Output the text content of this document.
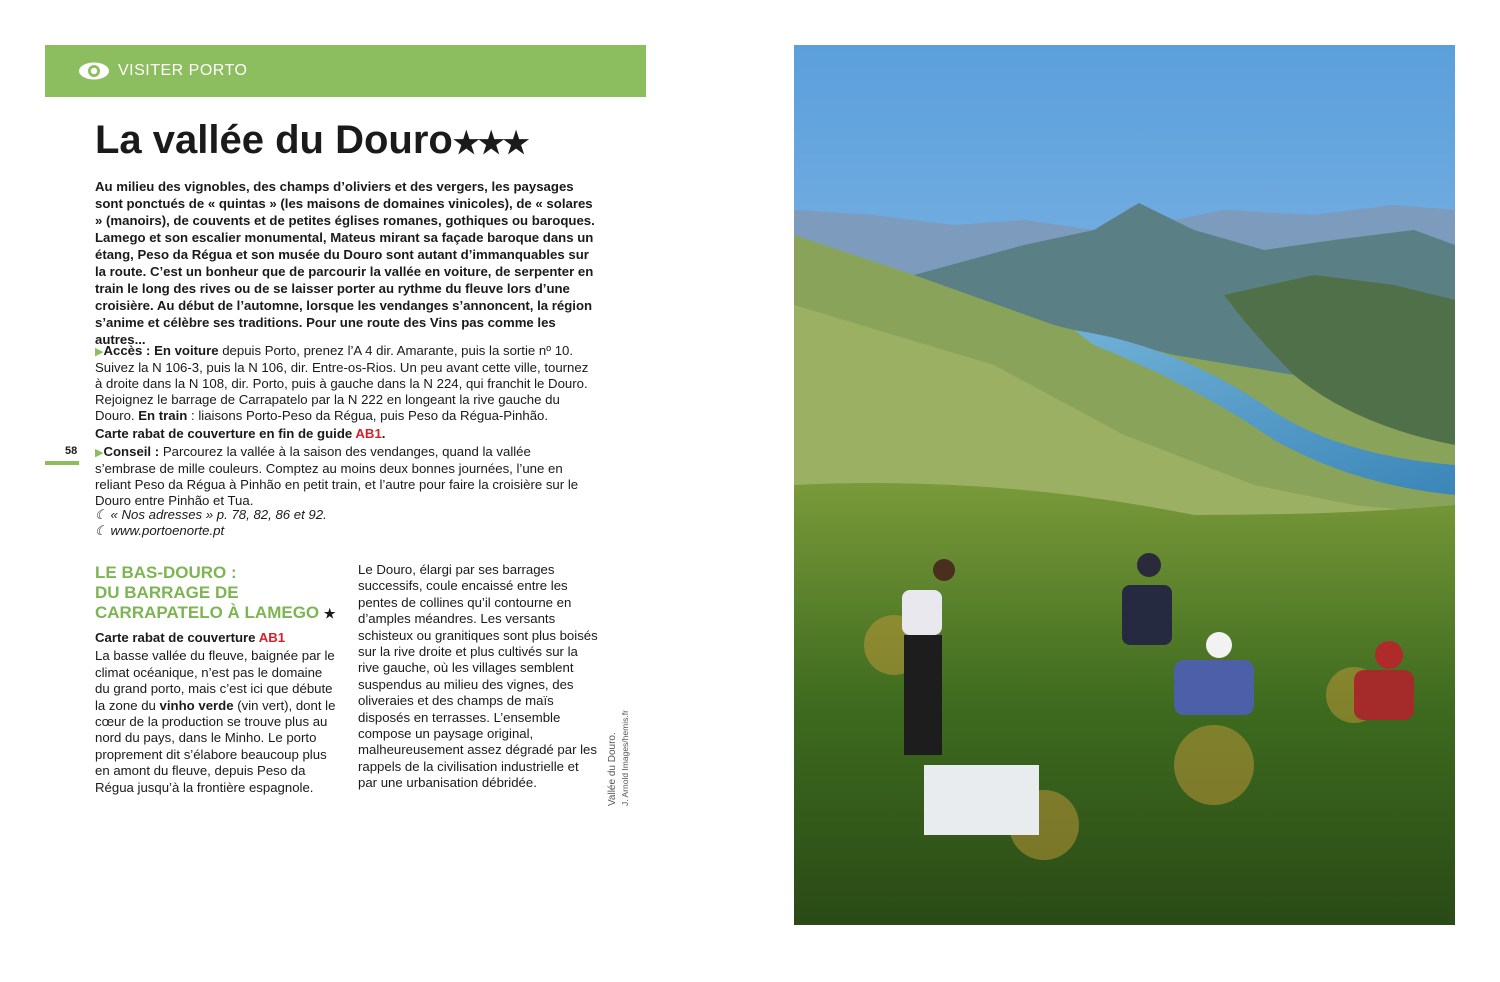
VISITER PORTO
La vallée du Douro★★★

Au milieu des vignobles, des champs d’oliviers et des vergers, les paysages sont ponctués de « quintas » (les maisons de domaines vinicoles), de « solares » (manoirs), de couvents et de petites églises romanes, gothiques ou baroques. Lamego et son escalier monumental, Mateus mirant sa façade baroque dans un étang, Peso da Régua et son musée du Douro sont autant d’immanquables sur la route. C’est un bonheur que de parcourir la vallée en voiture, de serpenter en train le long des rives ou de se laisser porter au rythme du fleuve lors d’une croisière. Au début de l’automne, lorsque les vendanges s’annoncent, la région s’anime et célèbre ses traditions. Pour une route des Vins pas comme les autres...

▶Accès : En voiture depuis Porto, prenez l’A 4 dir. Amarante, puis la sortie nº 10. Suivez la N 106-3, puis la N 106, dir. Entre-os-Rios. Un peu avant cette ville, tournez à droite dans la N 108, dir. Porto, puis à gauche dans la N 224, qui franchit le Douro. Rejoignez le barrage de Carrapatelo par la N 222 en longeant la rive gauche du Douro. En train : liaisons Porto-Peso da Régua, puis Peso da Régua-Pinhão.

Carte rabat de couverture en fin de guide AB1.

58 ▶Conseil : Parcourez la vallée à la saison des vendanges, quand la vallée s’embrase de mille couleurs. Comptez au moins deux bonnes journées, l’une en reliant Peso da Régua à Pinhão en petit train, et l’autre pour faire la croisière sur le Douro entre Pinhão et Tua.

☾ « Nos adresses » p. 78, 82, 86 et 92.

☾ www.portoenorte.pt

LE BAS-DOURO :
DU BARRAGE DE
CARRAPATELO À LAMEGO ★
Carte rabat de couverture AB1

La basse vallée du fleuve, baignée par le climat océanique, n’est pas le domaine du grand porto, mais c’est ici que débute la zone du vinho verde (vin vert), dont le cœur de la production se trouve plus au nord du pays, dans le Minho. Le porto proprement dit s’élabore beaucoup plus en amont du fleuve, depuis Peso da Régua jusqu’à la frontière espagnole.

Le Douro, élargi par ses barrages successifs, coule encaissé entre les pentes de collines qu’il contourne en d’amples méandres. Les versants schisteux ou granitiques sont plus boisés sur la rive droite et plus cultivés sur la rive gauche, où les villages semblent suspendus au milieu des vignes, des oliveraies et des champs de maïs disposés en terrasses. L’ensemble compose un paysage original, malheureusement assez dégradé par les rappels de la civilisation industrielle et par une urbanisation débridée.	Vallée du Douro. J. Arnold Images/hemis.fr
